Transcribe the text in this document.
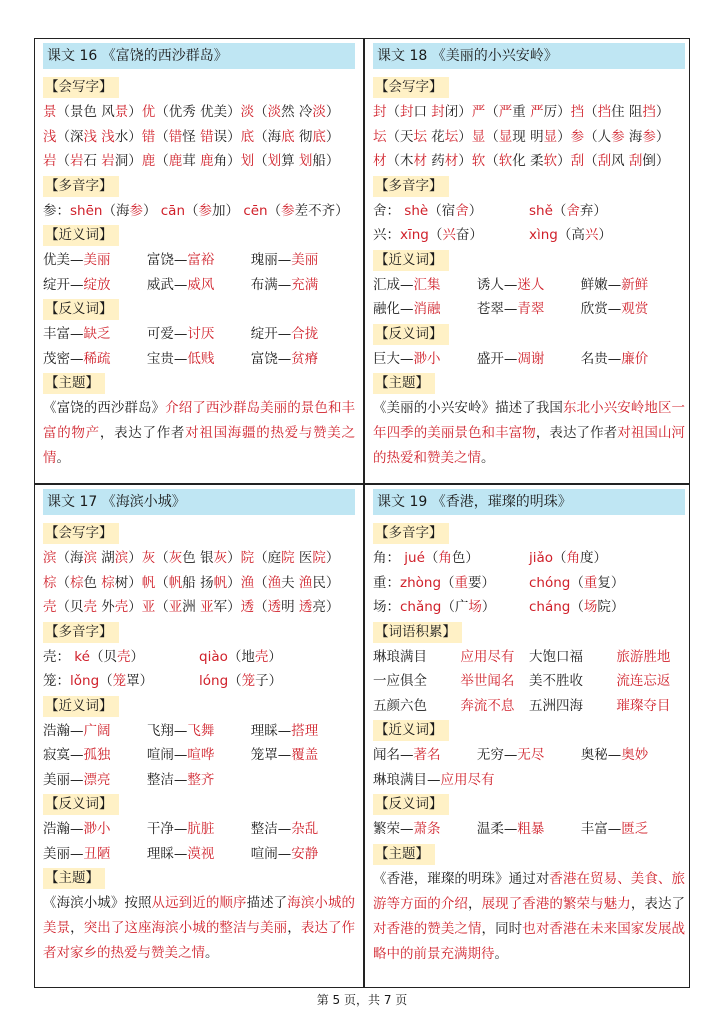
课文 16 《富饶的西沙群岛》
【会写字】
景（景色 风景）优（优秀 优美）淡（淡然 冷淡）
浅（深浅 浅水）错（错怪 错误）底（海底 彻底）
岩（岩石 岩洞）鹿（鹿茸 鹿角）划（划算 划船）
【多音字】
参：shēn（海参） cān（参加） cēn（参差不齐）
【近义词】
优美—美丽	富饶—富裕	瑰丽—美丽
绽开—绽放	威武—威风	布满—充满
【反义词】
丰富—缺乏	可爱—讨厌	绽开—合拢
茂密—稀疏	宝贵—低贱	富饶—贫瘠
【主题】
《富饶的西沙群岛》介绍了西沙群岛美丽的景色和丰富的物产，表达了作者对祖国海疆的热爱与赞美之情。
课文 18 《美丽的小兴安岭》
【会写字】
封（封口 封闭）严（严重 严厉）挡（挡住 阻挡）
坛（天坛 花坛）显（显现 明显）参（人参 海参）
材（木材 药材）软（软化 柔软）刮（刮风 刮倒）
【多音字】
舍： shè（宿舍）	shě（舍弃）
兴：xīng（兴奋）	xìng（高兴）
【近义词】
汇成—汇集	诱人—迷人	鲜嫩—新鲜
融化—消融	苍翠—青翠	欣赏—观赏
【反义词】
巨大—渺小	盛开—凋谢	名贵—廉价
【主题】
《美丽的小兴安岭》描述了我国东北小兴安岭地区一年四季的美丽景色和丰富物，表达了作者对祖国山河的热爱和赞美之情。
课文 17 《海滨小城》
【会写字】
滨（海滨 湖滨）灰（灰色 银灰）院（庭院 医院）
棕（棕色 棕树）帆（帆船 扬帆）渔（渔夫 渔民）
壳（贝壳 外壳）亚（亚洲 亚军）透（透明 透亮）
【多音字】
壳： ké（贝壳）	qiào（地壳）
笼：lǒng（笼罩）	lóng（笼子）
【近义词】
浩瀚—广阔	飞翔—飞舞	理睬—搭理
寂寞—孤独	喧闹—喧哗	笼罩—覆盖
美丽—漂亮	整洁—整齐
【反义词】
浩瀚—渺小	干净—肮脏	整洁—杂乱
美丽—丑陋	理睬—漠视	喧闹—安静
【主题】
《海滨小城》按照从远到近的顺序描述了海滨小城的美景，突出了这座海滨小城的整洁与美丽，表达了作者对家乡的热爱与赞美之情。
课文 19 《香港，璀璨的明珠》
【多音字】
角： jué（角色）	jiǎo（角度）
重：zhòng（重要）	chóng（重复）
场：chǎng（广场）	cháng（场院）
【词语积累】
琳琅满目	应用尽有	大饱口福	旅游胜地
一应俱全	举世闻名	美不胜收	流连忘返
五颜六色	奔流不息	五洲四海	璀璨夺目
【近义词】
闻名—著名	无穷—无尽	奥秘—奥妙
琳琅满目—应用尽有
【反义词】
繁荣—萧条	温柔—粗暴	丰富—匮乏
【主题】
《香港，璀璨的明珠》通过对香港在贸易、美食、旅游等方面的介绍，展现了香港的繁荣与魅力，表达了对香港的赞美之情，同时也对香港在未来国家发展战略中的前景充满期待。
第 5 页，共 7 页
